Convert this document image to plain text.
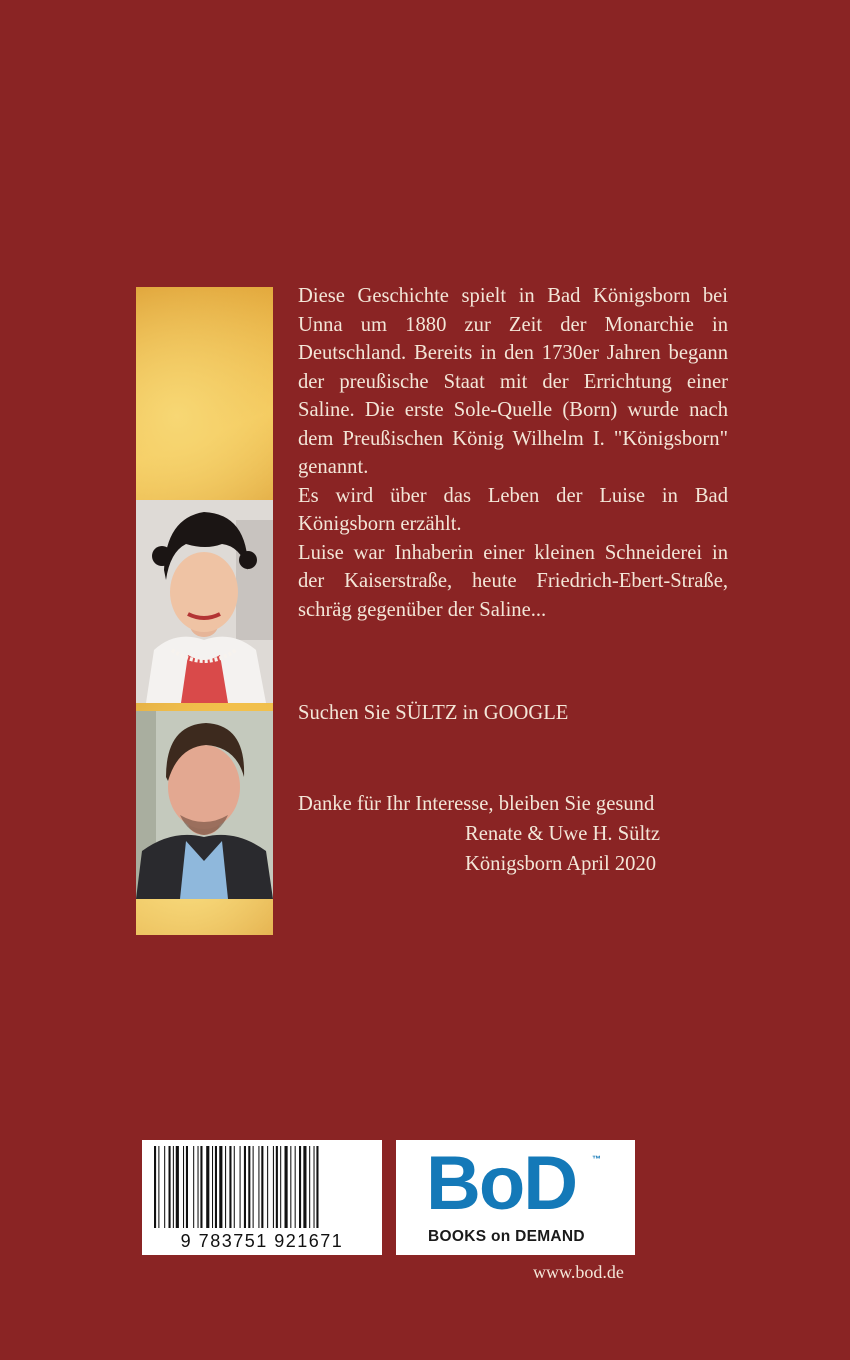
Diese Geschichte spielt in Bad Königsborn bei Unna um 1880 zur Zeit der Monarchie in Deutschland. Bereits in den 1730er Jahren begann der preußische Staat mit der Errichtung einer Saline. Die erste Sole-Quelle (Born) wurde nach dem Preußischen König Wilhelm I. "Königsborn" genannt.

Es wird über das Leben der Luise in Bad Königsborn erzählt.

Luise war Inhaberin einer kleinen Schneiderei in der Kaiserstraße, heute Friedrich-Ebert-Straße, schräg gegenüber der Saline...

Suchen Sie SÜLTZ in GOOGLE
Danke für Ihr Interesse, bleiben Sie gesund
Renate & Uwe H. Sültz
Königsborn April 2020
9 783751 921671
BoD ™
BOOKS on DEMAND
www.bod.de
